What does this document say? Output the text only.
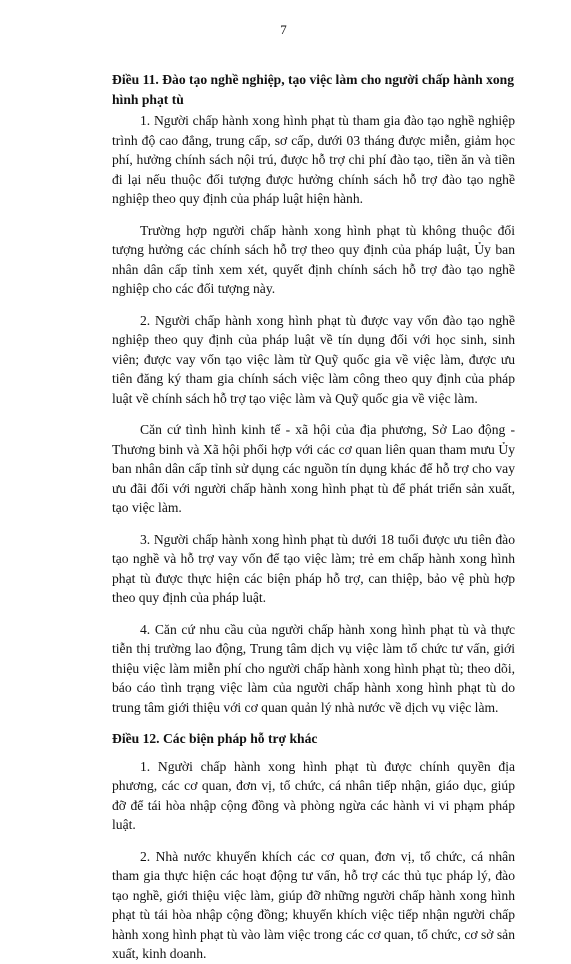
7
Điều 11. Đào tạo nghề nghiệp, tạo việc làm cho người chấp hành xong hình phạt tù

1. Người chấp hành xong hình phạt tù tham gia đào tạo nghề nghiệp trình độ cao đẳng, trung cấp, sơ cấp, dưới 03 tháng được miễn, giảm học phí, hưởng chính sách nội trú, được hỗ trợ chi phí đào tạo, tiền ăn và tiền đi lại nếu thuộc đối tượng được hưởng chính sách hỗ trợ đào tạo nghề nghiệp theo quy định của pháp luật hiện hành.

Trường hợp người chấp hành xong hình phạt tù không thuộc đối tượng hưởng các chính sách hỗ trợ theo quy định của pháp luật, Ủy ban nhân dân cấp tỉnh xem xét, quyết định chính sách hỗ trợ đào tạo nghề nghiệp cho các đối tượng này.

2. Người chấp hành xong hình phạt tù được vay vốn đào tạo nghề nghiệp theo quy định của pháp luật về tín dụng đối với học sinh, sinh viên; được vay vốn tạo việc làm từ Quỹ quốc gia về việc làm, được ưu tiên đăng ký tham gia chính sách việc làm công theo quy định của pháp luật về chính sách hỗ trợ tạo việc làm và Quỹ quốc gia về việc làm.

Căn cứ tình hình kinh tế - xã hội của địa phương, Sở Lao động - Thương binh và Xã hội phối hợp với các cơ quan liên quan tham mưu Ủy ban nhân dân cấp tỉnh sử dụng các nguồn tín dụng khác để hỗ trợ cho vay ưu đãi đối với người chấp hành xong hình phạt tù để phát triển sản xuất, tạo việc làm.

3. Người chấp hành xong hình phạt tù dưới 18 tuổi được ưu tiên đào tạo nghề và hỗ trợ vay vốn để tạo việc làm; trẻ em chấp hành xong hình phạt tù được thực hiện các biện pháp hỗ trợ, can thiệp, bảo vệ phù hợp theo quy định của pháp luật.

4. Căn cứ nhu cầu của người chấp hành xong hình phạt tù và thực tiễn thị trường lao động, Trung tâm dịch vụ việc làm tổ chức tư vấn, giới thiệu việc làm miễn phí cho người chấp hành xong hình phạt tù; theo dõi, báo cáo tình trạng việc làm của người chấp hành xong hình phạt tù do trung tâm giới thiệu với cơ quan quản lý nhà nước về dịch vụ việc làm.

Điều 12. Các biện pháp hỗ trợ khác

1. Người chấp hành xong hình phạt tù được chính quyền địa phương, các cơ quan, đơn vị, tổ chức, cá nhân tiếp nhận, giáo dục, giúp đỡ để tái hòa nhập cộng đồng và phòng ngừa các hành vi vi phạm pháp luật.

2. Nhà nước khuyến khích các cơ quan, đơn vị, tổ chức, cá nhân tham gia thực hiện các hoạt động tư vấn, hỗ trợ các thủ tục pháp lý, đào tạo nghề, giới thiệu việc làm, giúp đỡ những người chấp hành xong hình phạt tù tái hòa nhập cộng đồng; khuyến khích việc tiếp nhận người chấp hành xong hình phạt tù vào làm việc trong các cơ quan, tổ chức, cơ sở sản xuất, kinh doanh.
